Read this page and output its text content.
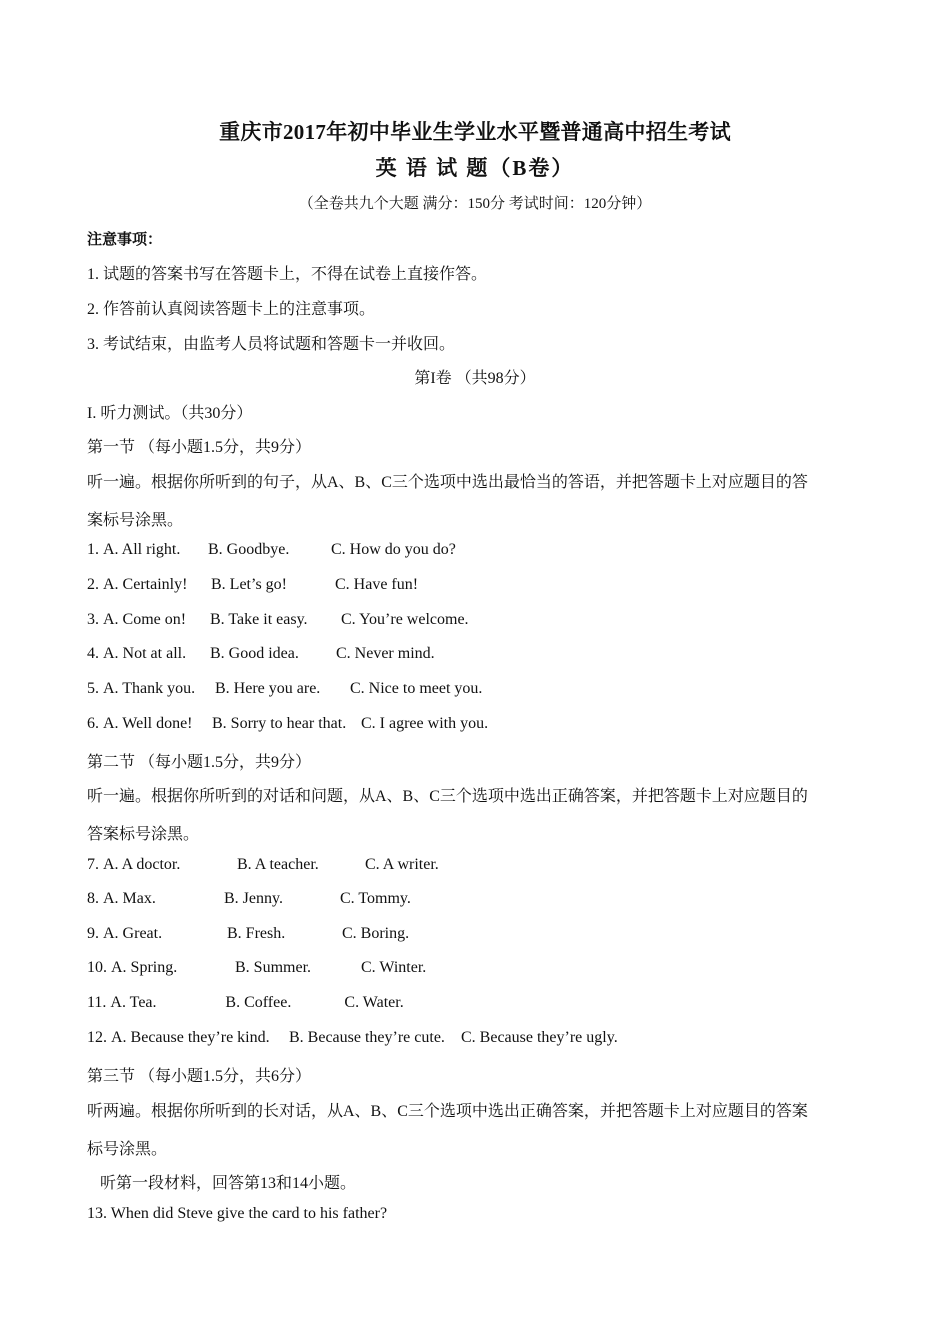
重庆市2017年初中毕业生学业水平暨普通高中招生考试
英 语 试 题（B卷）
（全卷共九个大题 满分：150分 考试时间：120分钟）
注意事项：
1. 试题的答案书写在答题卡上，不得在试卷上直接作答。
2. 作答前认真阅读答题卡上的注意事项。
3. 考试结束，由监考人员将试题和答题卡一并收回。
第I卷 （共98分）
I. 听力测试。（共30分）
第一节 （每小题1.5分，共9分）
听一遍。根据你所听到的句子，从A、B、C三个选项中选出最恰当的答语，并把答题卡上对应题目的答
案标号涂黑。
1. A. All right. B. Goodbye.	C. How do you do?
2. A. Certainly! B. Let’s go!	C. Have fun!
3. A. Come on! B. Take it easy. C. You’re welcome.
4. A. Not at all. B. Good idea. C. Never mind.
5. A. Thank you. B. Here you are. C. Nice to meet you.
6. A. Well done! B. Sorry to hear that. C. I agree with you.
第二节 （每小题1.5分，共9分）
听一遍。根据你所听到的对话和问题，从A、B、C三个选项中选出正确答案，并把答题卡上对应题目的
答案标号涂黑。
7. A. A doctor.	B. A teacher.	C. A writer.
8. A. Max.	B. Jenny.	C. Tommy.
9. A. Great.	B. Fresh.	C. Boring.
10. A. Spring.	B. Summer.	C. Winter.
11. A. Tea.	B. Coffee.	C. Water.
12. A. Because they’re kind. B. Because they’re cute. C. Because they’re ugly.
第三节 （每小题1.5分，共6分）
听两遍。根据你所听到的长对话，从A、B、C三个选项中选出正确答案，并把答题卡上对应题目的答案
标号涂黑。
听第一段材料，回答第13和14小题。
13. When did Steve give the card to his father?
